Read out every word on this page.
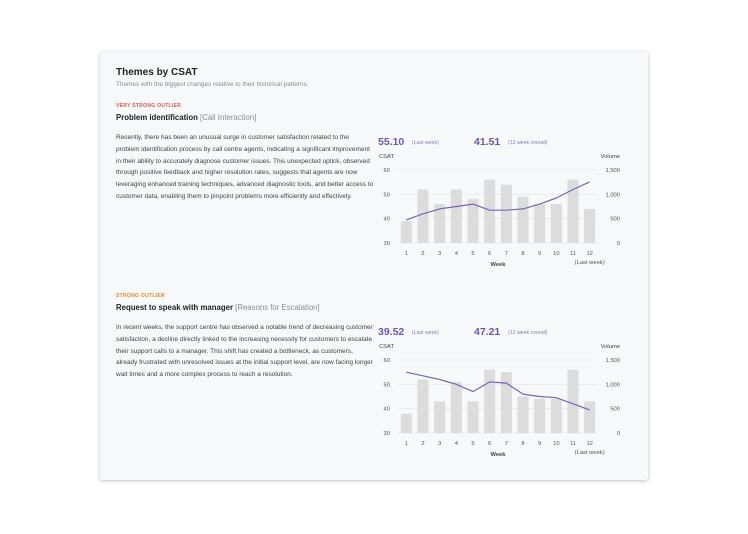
Themes by CSAT
Themes with the biggest changes relative to their historical patterns.
VERY STRONG OUTLIER
Problem identification [Call Interaction]
Recently, there has been an unusual surge in customer satisfaction related to the problem identification process by call centre agents, indicating a significant improvement in their ability to accurately diagnose customer issues. This unexpected uptick, observed through positive feedback and higher resolution rates, suggests that agents are now leveraging enhanced training techniques, advanced diagnostic tools, and better access to customer data, enabling them to pinpoint problems more efficiently and effectively.
55.10 (Last week)	41.51 (12 week overall)
CSAT	Volume
60	1,500
50	1,000
40	500
30	0
1 2 3 4 5 6 7 8 9 10 11 12
(Last week)
Week
STRONG OUTLIER
Request to speak with manager [Reasons for Escalation]
In recent weeks, the support centre has observed a notable trend of decreasing customer satisfaction, a decline directly linked to the increasing necessity for customers to escalate their support calls to a manager. This shift has created a bottleneck, as customers, already frustrated with unresolved issues at the initial support level, are now facing longer wait times and a more complex process to reach a resolution.
39.52 (Last week)	47.21 (12 week overall)
CSAT	Volume
60	1,500
50	1,000
40	500
30	0
1 2 3 4 5 6 7 8 9 10 11 12
(Last week)
Week
